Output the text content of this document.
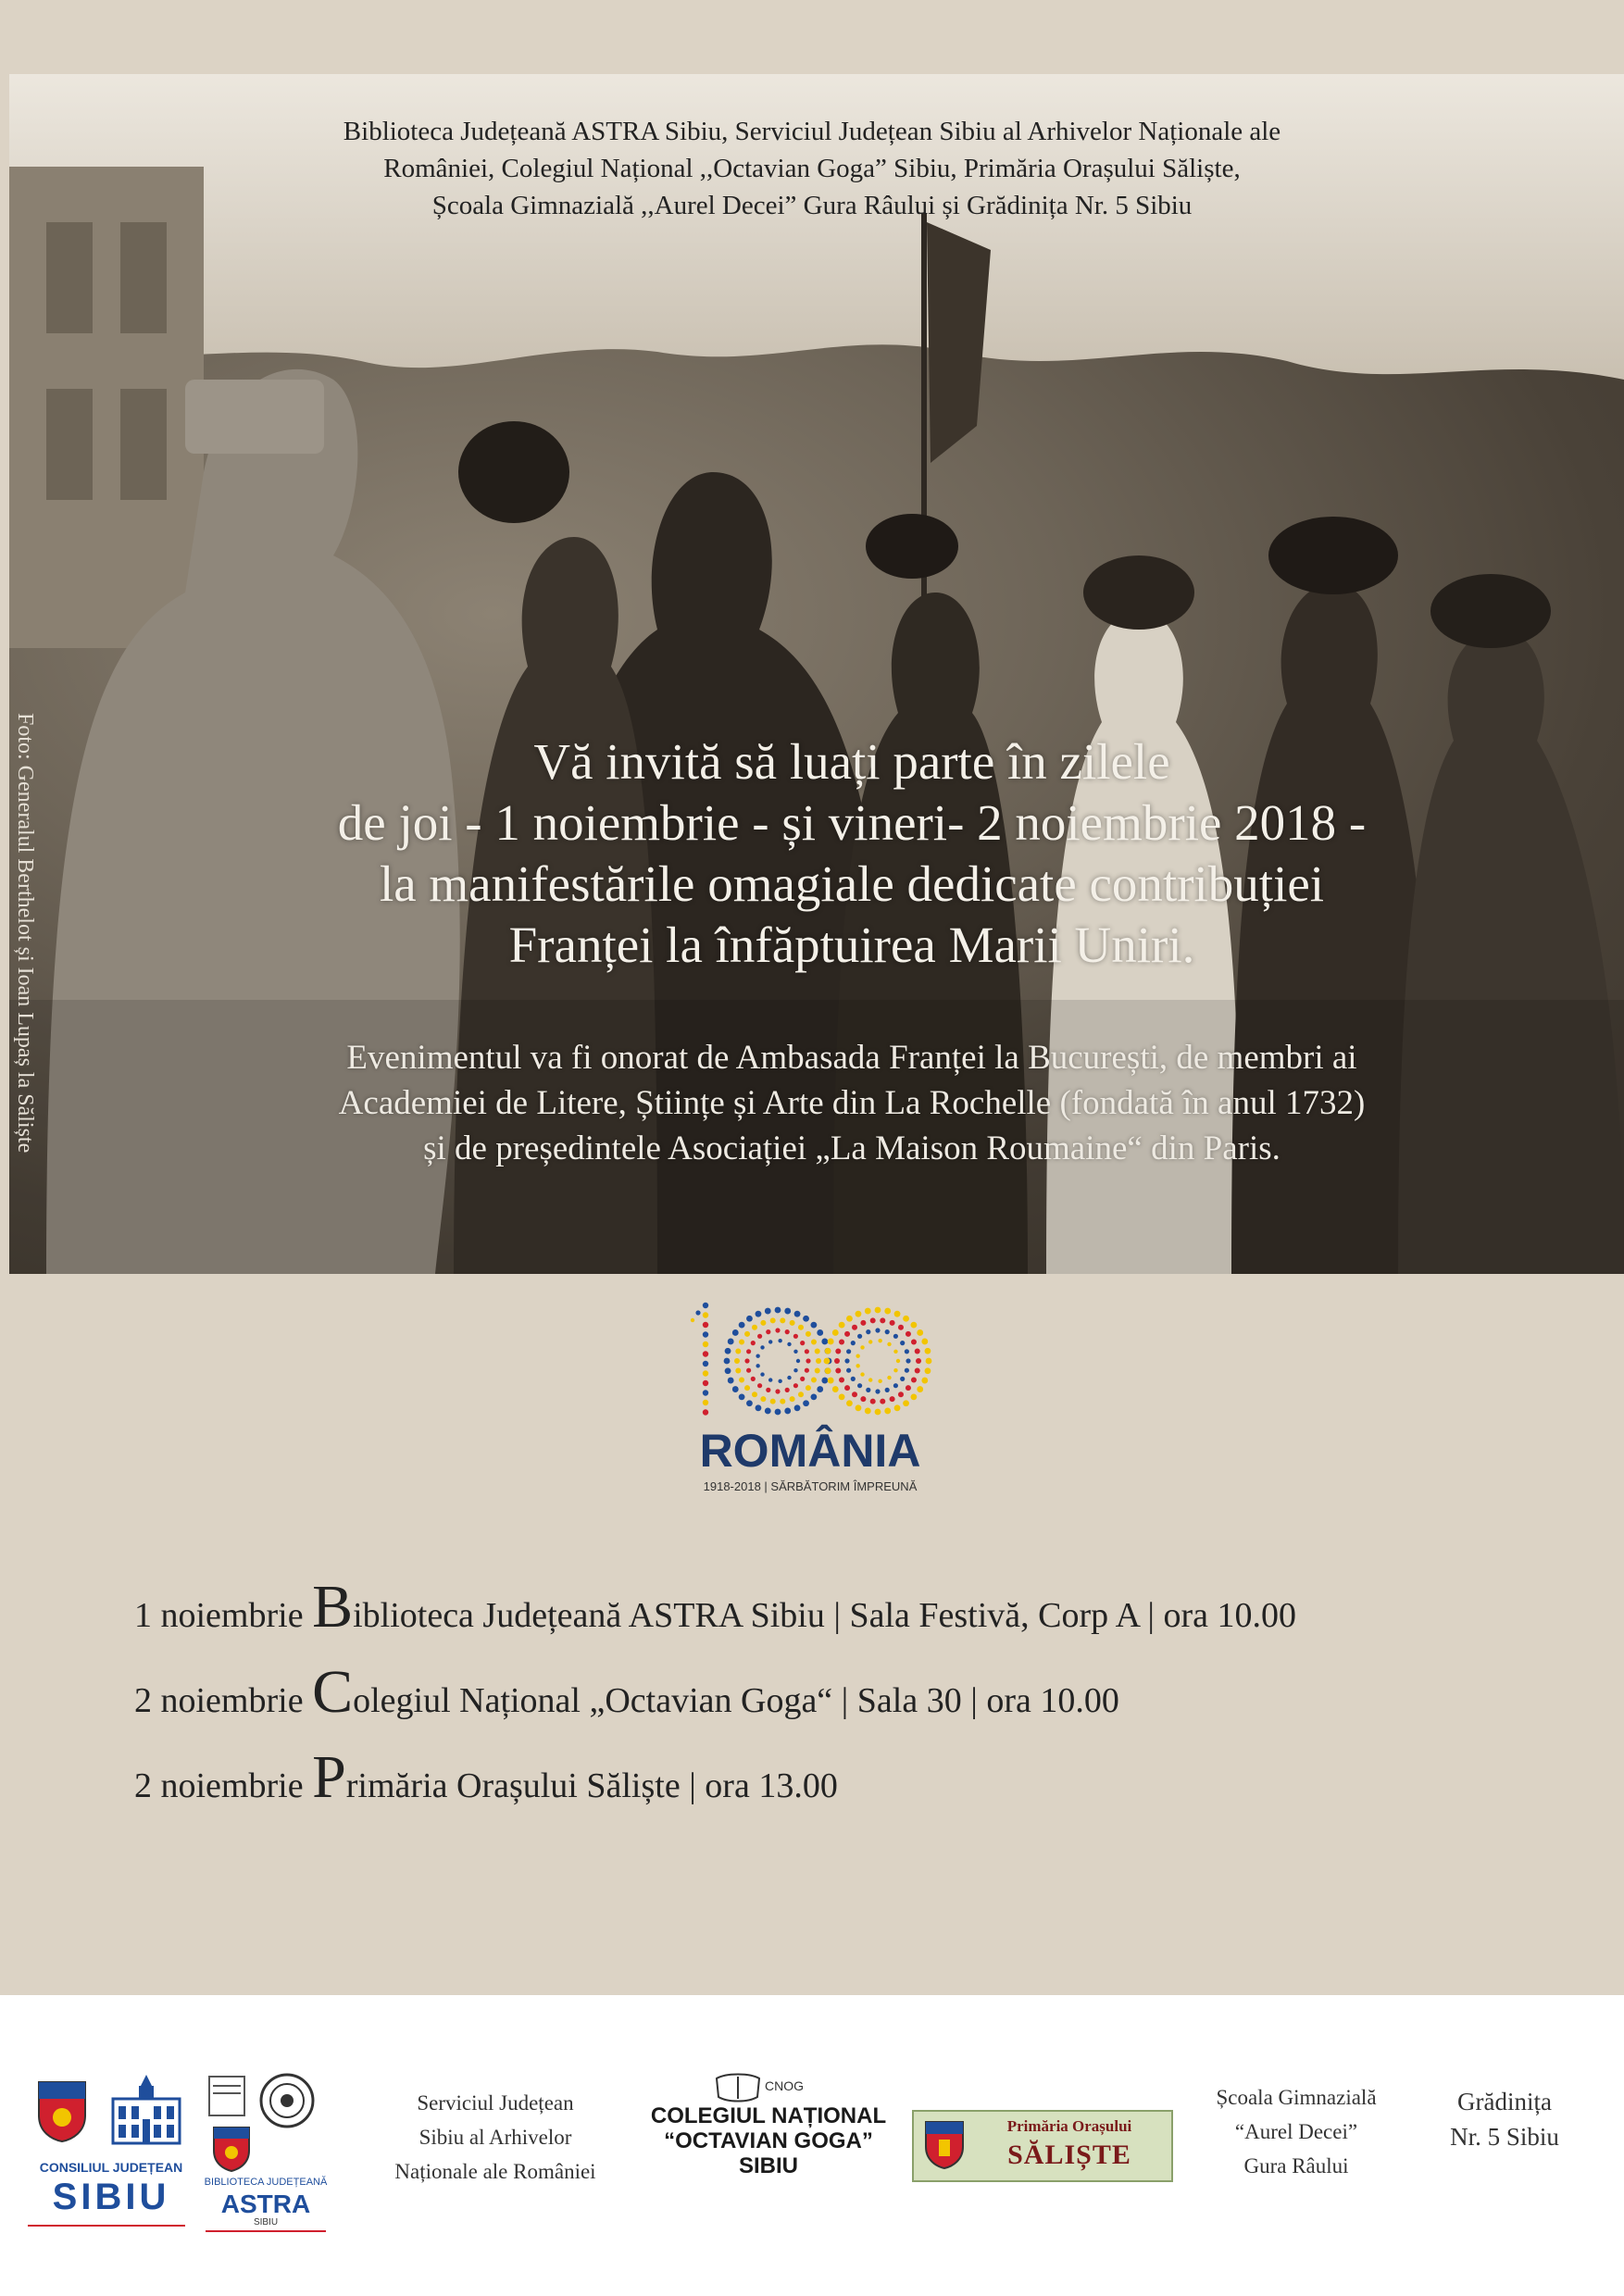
Foto: Generalul Berthelot și Ioan Lupaș la Săliște
Biblioteca Județeană ASTRA Sibiu, Serviciul Județean Sibiu al Arhivelor Naționale ale
României, Colegiul Național ,,Octavian Goga” Sibiu, Primăria Orașului Săliște,
Școala Gimnazială ,,Aurel Decei” Gura Râului și Grădinița Nr. 5 Sibiu
Vă invită să luați parte în zilele
de joi - 1 noiembrie - și vineri- 2 noiembrie 2018 -
la manifestările omagiale dedicate contribuției
Franței la înfăptuirea Marii Uniri.
Evenimentul va fi onorat de Ambasada Franței la București, de membri ai
Academiei de Litere, Științe și Arte din La Rochelle (fondată în anul 1732)
și de președintele Asociației „La Maison Roumaine“ din Paris.
ROMÂNIA
1918-2018 | SĂRBĂTORIM ÎMPREUNĂ
1 noiembrie Biblioteca Județeană ASTRA Sibiu | Sala Festivă, Corp A | ora 10.00
2 noiembrie Colegiul Național „Octavian Goga“ | Sala 30 | ora 10.00
2 noiembrie Primăria Orașului Săliște | ora 13.00
CONSILIUL JUDEȚEAN
SIBIU	BIBLIOTECA JUDEȚEANĂ
ASTRA
SIBIU
Serviciul Județean
Sibiu al Arhivelor
Naționale ale României
CNOG
COLEGIUL NAȚIONAL
“OCTAVIAN GOGA”
SIBIU
Primăria Orașului
SĂLIȘTE
Școala Gimnazială
“Aurel Decei”
Gura Râului
Grădinița
Nr. 5 Sibiu
